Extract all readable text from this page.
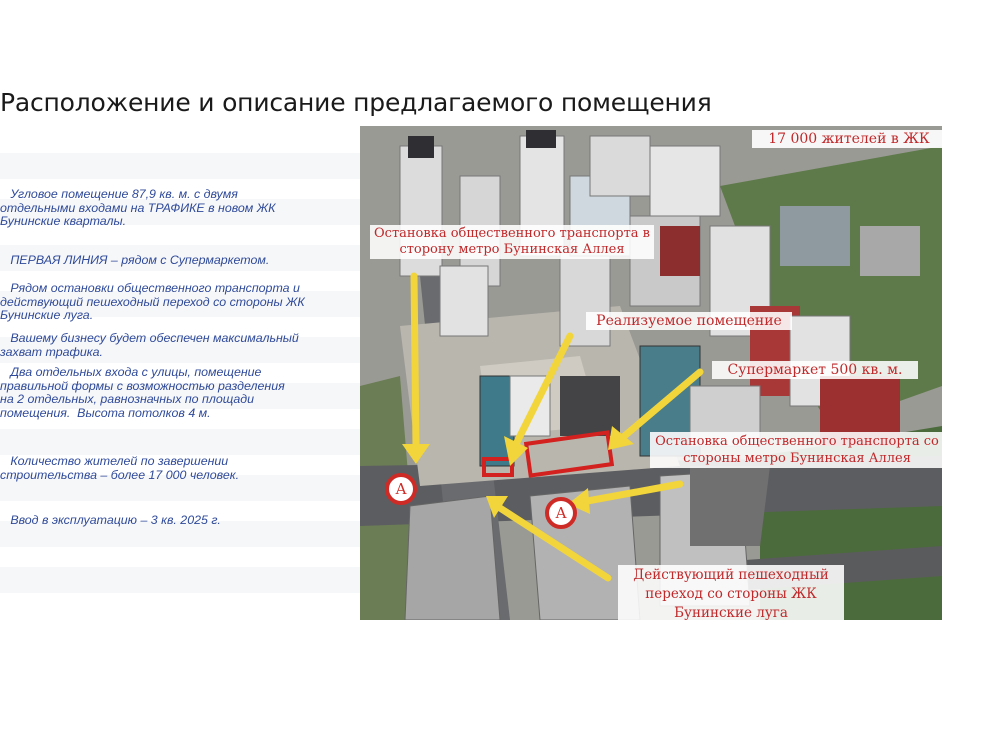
Расположение и описание предлагаемого помещения
Угловое помещение 87,9 кв. м. с двумя
отдельными входами на ТРАФИКЕ в новом ЖК
Бунинские кварталы.
ПЕРВАЯ ЛИНИЯ – рядом с Супермаркетом.
Рядом остановки общественного транспорта и
действующий пешеходный переход со стороны ЖК
Бунинские луга.
Вашему бизнесу будет обеспечен максимальный
захват трафика.
Два отдельных входа с улицы, помещение
правильной формы с возможностью разделения
на 2 отдельных, равнозначных по площади
помещения.  Высота потолков 4 м.
Количество жителей по завершении
строительства – более 17 000 человек.
Ввод в эксплуатацию – 3 кв. 2025 г.
17 000 жителей в ЖК
Остановка общественного транспорта в сторону метро Бунинская Аллея
Реализуемое помещение
Супермаркет 500 кв. м.
Остановка общественного транспорта со стороны метро Бунинская Аллея
Действующий пешеходный переход со стороны ЖК Бунинские луга
А
А
